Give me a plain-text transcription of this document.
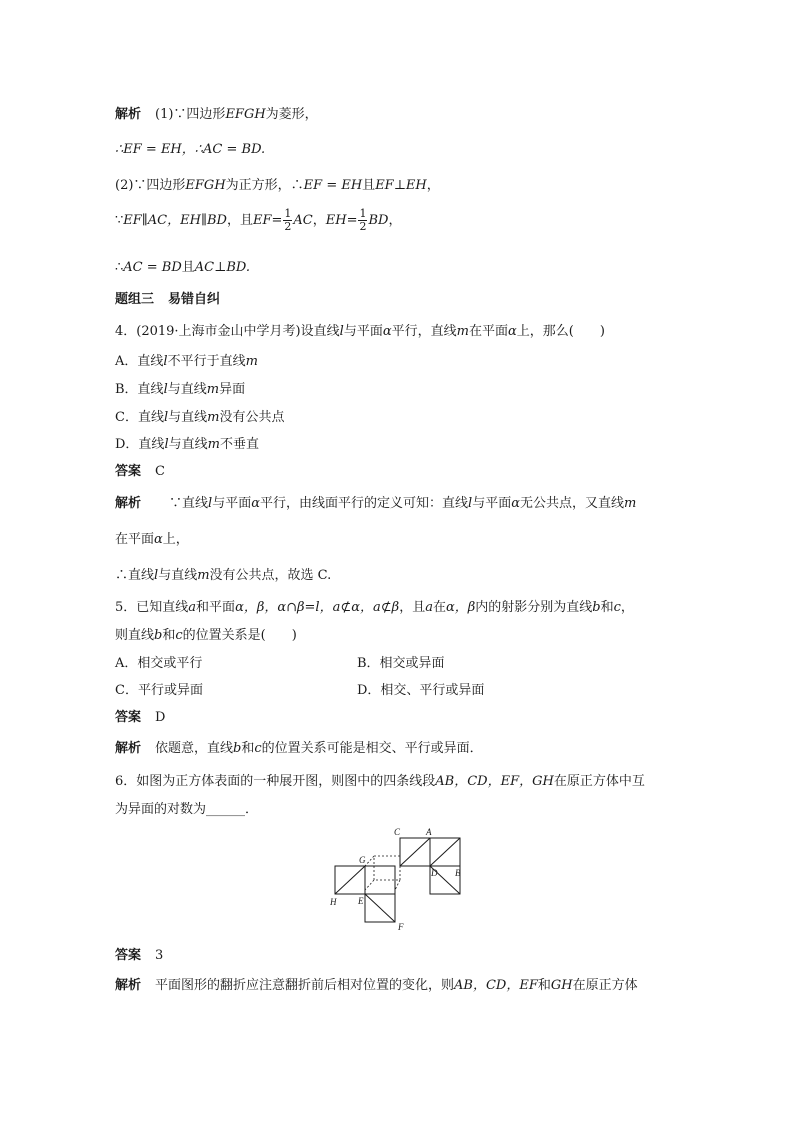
解析 (1)∵四边形EFGH为菱形，
∴EF = EH，∴AC = BD.
(2)∵四边形EFGH为正方形，∴EF = EH且EF⊥EH，
∵EF∥AC，EH∥BD，且$EF= \frac{1}{2}$ AC，$EH= \frac{1}{2}$ BD，
∴AC = BD且AC⊥BD.
题组三 易错自纠
4．(2019·上海市金山中学月考)设直线l与平面α平行，直线m在平面α上，那么(　　)
A．直线l不平行于直线m
B．直线l与直线m异面
C．直线l与直线m没有公共点
D．直线l与直线m不垂直
答案 C
解析 ∵直线l与平面α平行，由线面平行的定义可知：直线l与平面α无公共点，又直线m
在平面α上，
∴直线l与直线m没有公共点，故选 C.
5．已知直线a和平面α，β，α∩β=l，a⊄α，a⊄β，且a在α，β内的射影分别为直线b和c，
则直线b和c的位置关系是(　　)
A．相交或平行	B．相交或异面
C．平行或异面	D．相交、平行或异面
答案 D
解析 依题意，直线b和c的位置关系可能是相交、平行或异面．
6．如图为正方体表面的一种展开图，则图中的四条线段AB，CD，EF，GH在原正方体中互
为异面的对数为______．
C	A
G
D B
H E
F
答案 3
解析 平面图形的翻折应注意翻折前后相对位置的变化，则AB，CD，EF和GH在原正方体
